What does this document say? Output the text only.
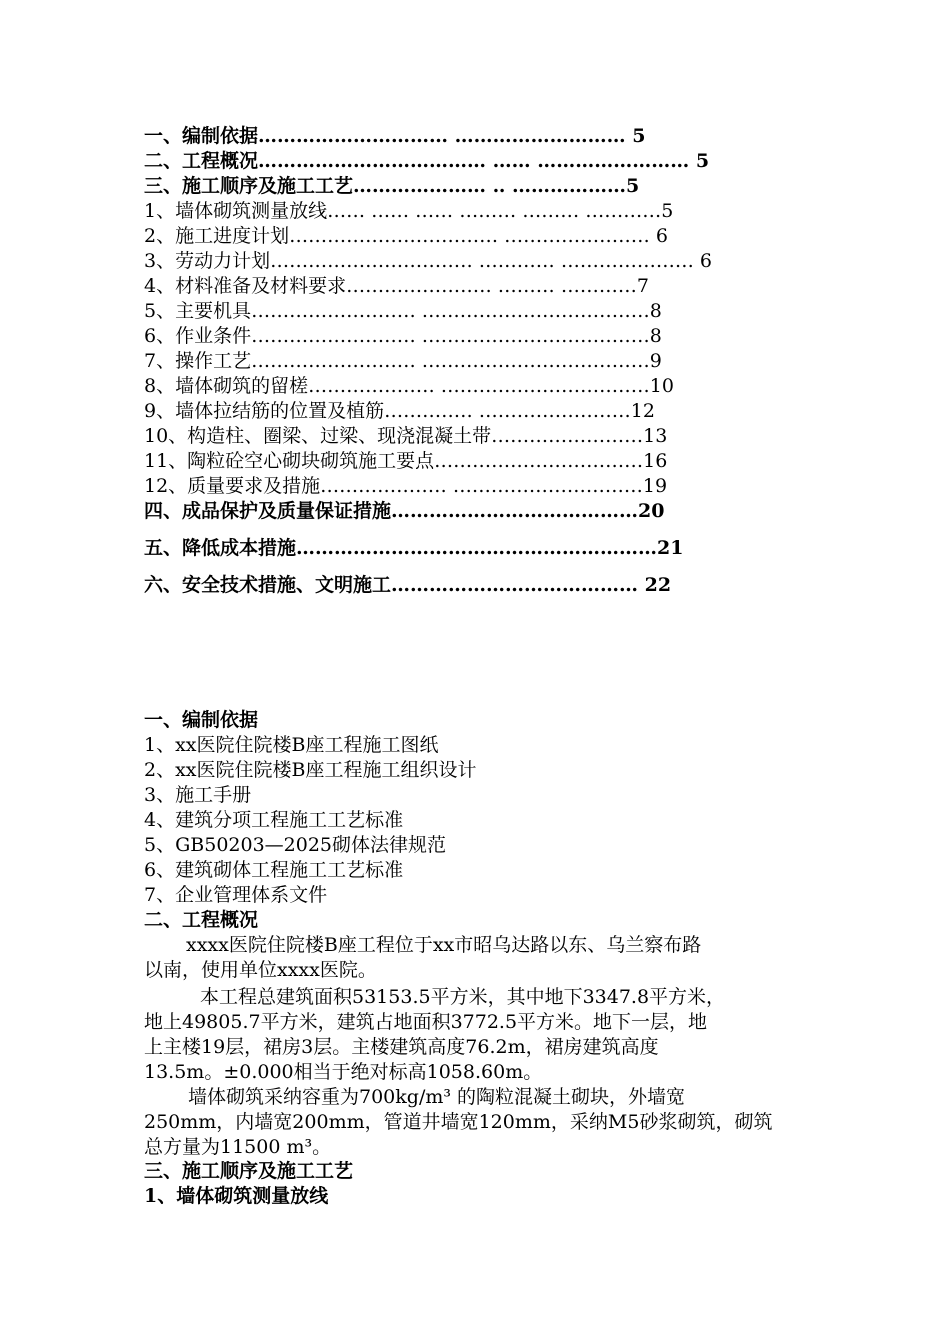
一、编制依据………………………… ……………………… 5
二、工程概况……………………………… …… …………………… 5
三、施工顺序及施工工艺………………… ‥ ………………5
1、墙体砌筑测量放线…… …… …… ……… ……… …………5
2、施工进度计划…………………………… …………………‥ 6
3、劳动力计划…………………………‥ ………… ………………… 6
4、材料准备及材料要求…………………‥ ……… …………7
5、主要机具……………………‥ ………………………………8
6、作业条件……………………‥ ………………………………8
7、操作工艺……………………‥ ………………………………9
8、墙体砌筑的留槎………………‥ ……………………………10
9、墙体拉结筋的位置及植筋…………‥ ……………………12
10、构造柱、圈梁、过梁、现浇混凝土带……………………13
11、陶粒砼空心砌块砌筑施工要点……………………………16
12、质量要求及措施………………‥ …………………………19
四、成品保护及质量保证措施…………………………………20
五、降低成本措施…………………………………………………21
六、安全技术措施、文明施工………………………………… 22
一、编制依据
1、xx医院住院楼B座工程施工图纸
2、xx医院住院楼B座工程施工组织设计
3、施工手册
4、建筑分项工程施工工艺标准
5、GB50203—2025砌体法律规范
6、建筑砌体工程施工工艺标准
7、企业管理体系文件
二、工程概况
xxxx医院住院楼B座工程位于xx市昭乌达路以东、乌兰察布路
以南，使用单位xxxx医院。
本工程总建筑面积53153.5平方米，其中地下3347.8平方米，
地上49805.7平方米，建筑占地面积3772.5平方米。地下一层，地
上主楼19层，裙房3层。主楼建筑高度76.2m，裙房建筑高度
13.5m。±0.000相当于绝对标高1058.60m。
墙体砌筑采纳容重为700kg/m³ 的陶粒混凝土砌块，外墙宽
250mm，内墙宽200mm，管道井墙宽120mm，采纳M5砂浆砌筑，砌筑
总方量为11500 m³。
三、施工顺序及施工工艺
1、墙体砌筑测量放线
